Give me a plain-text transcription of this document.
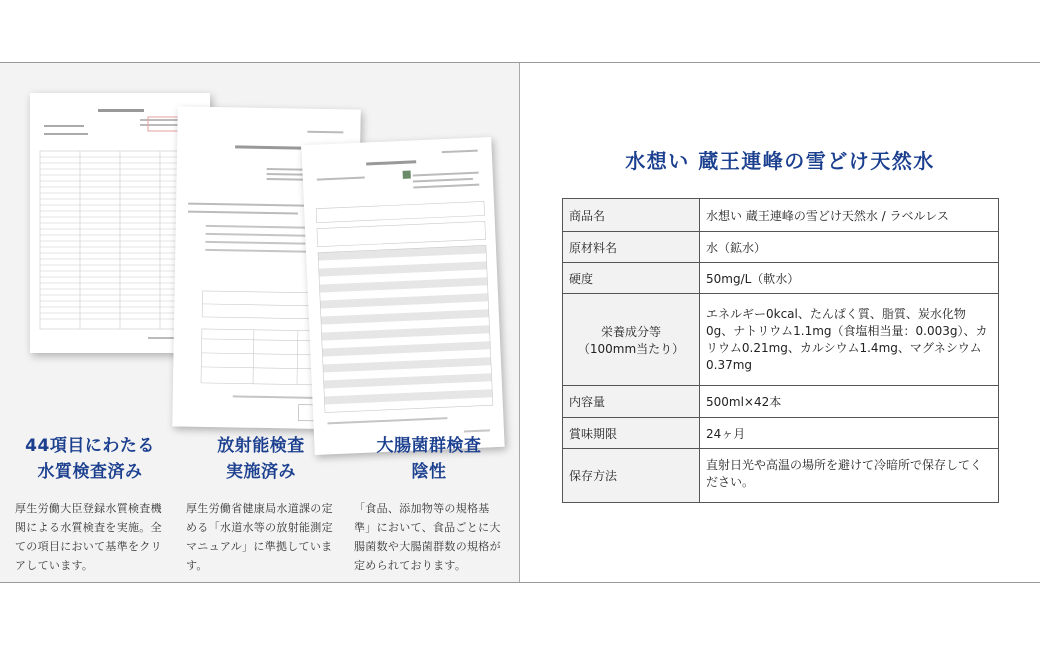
44項目にわたる
水質検査済み

厚生労働大臣登録水質検査機関による水質検査を実施。全ての項目において基準をクリアしています。

放射能検査
実施済み

厚生労働省健康局水道課の定める「水道水等の放射能測定マニュアル」に準拠しています。

大腸菌群検査
陰性

「食品、添加物等の規格基準」において、食品ごとに大腸菌数や大腸菌群数の規格が定められております。

水想い 蔵王連峰の雪どけ天然水
商品名	水想い 蔵王連峰の雪どけ天然水 / ラベルレス
原材料名	水（鉱水）
硬度	50mg/L（軟水）
栄養成分等
（100mm当たり）	エネルギー0kcal、たんぱく質、脂質、炭水化物0g、ナトリウム1.1mg（食塩相当量：0.003g）、カリウム0.21mg、カルシウム1.4mg、マグネシウム0.37mg
内容量	500ml×42本
賞味期限	24ヶ月
保存方法	直射日光や高温の場所を避けて冷暗所で保存してください。
